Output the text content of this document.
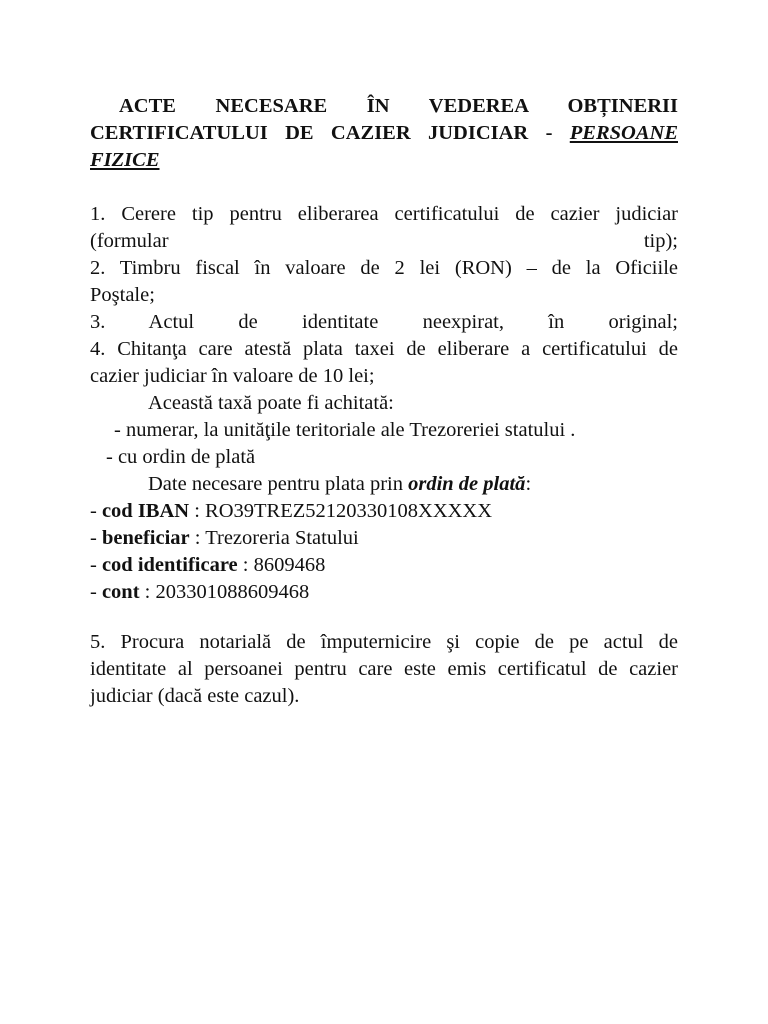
ACTE NECESARE ÎN VEDEREA OBȚINERII CERTIFICATULUI DE CAZIER JUDICIAR - PERSOANE FIZICE

1. Cerere tip pentru eliberarea certificatului de cazier judiciar
(formular	tip);
2. Timbru fiscal în valoare de 2 lei (RON) – de la Oficiile
Poştale;
3. Actul de identitate neexpirat, în original;
4. Chitanţa care atestă plata taxei de eliberare a certificatului de
cazier judiciar în valoare de 10 lei;
Această taxă poate fi achitată:
- numerar, la unităţile teritoriale ale Trezoreriei statului .
- cu ordin de plată
Date necesare pentru plata prin ordin de plată:
- cod IBAN : RO39TREZ52120330108XXXXX
- beneficiar : Trezoreria Statului
- cod identificare : 8609468
- cont : 203301088609468
5. Procura notarială de împuternicire şi copie de pe actul de
identitate al persoanei pentru care este emis certificatul de cazier
judiciar (dacă este cazul).
